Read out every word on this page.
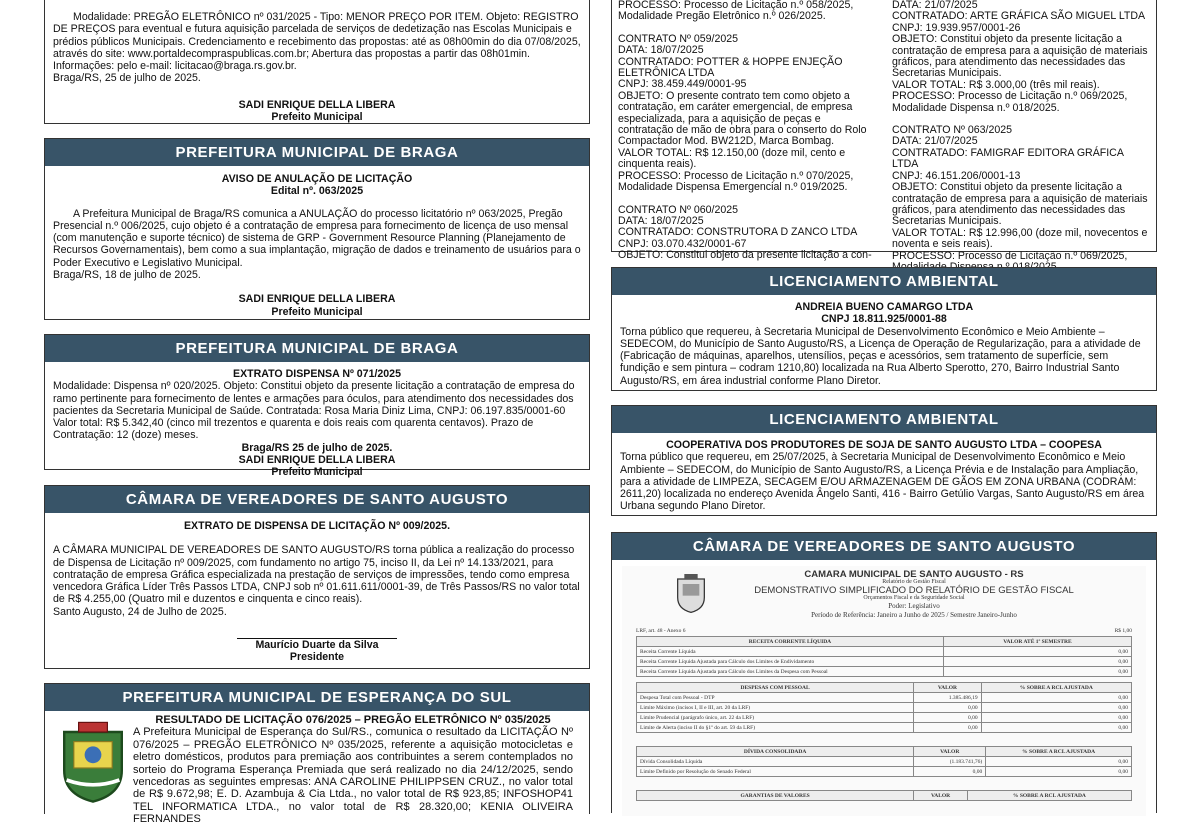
Modalidade: PREGÃO ELETRÔNICO nº 031/2025 - Tipo: MENOR PREÇO POR ITEM. Objeto: REGISTRO DE PREÇOS para eventual e futura aquisição parcelada de serviços de dedetização nas Escolas Municipais e prédios públicos Municipais. Credenciamento e recebimento das propostas: até as 08h00min do dia 07/08/2025, através do site: www.portaldecompraspublicas.com.br; Abertura das propostas a partir das 08h01min. Informações: pelo e-mail: licitacao@braga.rs.gov.br.

Braga/RS, 25 de julho de 2025.

SADI ENRIQUE DELLA LIBERA
Prefeito Municipal
PREFEITURA MUNICIPAL DE BRAGA
AVISO DE ANULAÇÃO DE LICITAÇÃO
Edital nº. 063/2025

A Prefeitura Municipal de Braga/RS comunica a ANULAÇÃO do processo licitatório nº 063/2025, Pregão Presencial n.º 006/2025, cujo objeto é a contratação de empresa para fornecimento de licença de uso mensal (com manutenção e suporte técnico) de sistema de GRP - Government Resource Planning (Planejamento de Recursos Governamentais), bem como a sua implantação, migração de dados e treinamento de usuários para o Poder Executivo e Legislativo Municipal.

Braga/RS, 18 de julho de 2025.

SADI ENRIQUE DELLA LIBERA
Prefeito Municipal
PREFEITURA MUNICIPAL DE BRAGA
EXTRATO DISPENSA Nº 071/2025

Modalidade: Dispensa nº 020/2025. Objeto: Constitui objeto da presente licitação a contratação de empresa do ramo pertinente para fornecimento de lentes e armações para óculos, para atendimento dos necessidades dos pacientes da Secretaria Municipal de Saúde. Contratada: Rosa Maria Diniz Lima, CNPJ: 06.197.835/0001-60 Valor total: R$ 5.342,40 (cinco mil trezentos e quarenta e dois reais com quarenta centavos). Prazo de Contratação: 12 (doze) meses.

Braga/RS 25 de julho de 2025.
SADI ENRIQUE DELLA LIBERA
Prefeito Municipal
CÂMARA DE VEREADORES DE SANTO AUGUSTO
EXTRATO DE DISPENSA DE LICITAÇÃO Nº 009/2025.

A CÂMARA MUNICIPAL DE VEREADORES DE SANTO AUGUSTO/RS torna pública a realização do processo de Dispensa de Licitação nº 009/2025, com fundamento no artigo 75, inciso II, da Lei nº 14.133/2021, para contratação de empresa Gráfica especializada na prestação de serviços de impressões, tendo como empresa vencedora Gráfica Líder Três Passos LTDA, CNPJ sob nº 01.611.611/0001-39, de Três Passos/RS no valor total de R$ 4.255,00 (Quatro mil e duzentos e cinquenta e cinco reais).

Santo Augusto, 24 de Julho de 2025.

Maurício Duarte da Silva
Presidente
PREFEITURA MUNICIPAL DE ESPERANÇA DO SUL
RESULTADO DE LICITAÇÃO 076/2025 – PREGÃO ELETRÔNICO Nº 035/2025

A Prefeitura Municipal de Esperança do Sul/RS., comunica o resultado da LICITAÇÃO Nº 076/2025 – PREGÃO ELETRÔNICO Nº 035/2025, referente a aquisição motocicletas e eletro domésticos, produtos para premiação aos contribuintes a serem contemplados no sorteio do Programa Esperança Premiada que será realizado no dia 24/12/2025, sendo vencedoras as seguintes empresas: ANA CAROLINE PHILIPPSEN CRUZ., no valor total de R$ 9.672,98; E. D. Azambuja & Cia Ltda., no valor total de R$ 923,85; INFOSHOP41 TEL INFORMATICA LTDA., no valor total de R$ 28.320,00; KENIA OLIVEIRA FERNANDES

PROCESSO: Processo de Licitação n.º 058/2025, Modalidade Pregão Eletrônico n.º 026/2025.
CONTRATO Nº 059/2025
DATA: 18/07/2025
CONTRATADO: POTTER & HOPPE ENJEÇÃO ELETRÔNICA LTDA
CNPJ: 38.459.449/0001-95
OBJETO: O presente contrato tem como objeto a contratação, em caráter emergencial, de empresa especializada, para a aquisição de peças e contratação de mão de obra para o conserto do Rolo Compactador Mod. BW212D, Marca Bombag.
VALOR TOTAL: R$ 12.150,00 (doze mil, cento e cinquenta reais).
PROCESSO: Processo de Licitação n.º 070/2025, Modalidade Dispensa Emergencial n.º 019/2025.
CONTRATO Nº 060/2025
DATA: 18/07/2025
CONTRATADO: CONSTRUTORA D ZANCO LTDA
CNPJ: 03.070.432/0001-67
OBJETO: Constitui objeto da presente licitação a con-
DATA: 21/07/2025
CONTRATADO: ARTE GRÁFICA SÃO MIGUEL LTDA
CNPJ: 19.939.957/0001-26
OBJETO: Constitui objeto da presente licitação a contratação de empresa para a aquisição de materiais gráficos, para atendimento das necessidades das Secretarias Municipais.
VALOR TOTAL: R$ 3.000,00 (três mil reais).
PROCESSO: Processo de Licitação n.º 069/2025, Modalidade Dispensa n.º 018/2025.
CONTRATO Nº 063/2025
DATA: 21/07/2025
CONTRATADO: FAMIGRAF EDITORA GRÁFICA LTDA
CNPJ: 46.151.206/0001-13
OBJETO: Constitui objeto da presente licitação a contratação de empresa para a aquisição de materiais gráficos, para atendimento das necessidades das Secretarias Municipais.
VALOR TOTAL: R$ 12.996,00 (doze mil, novecentos e noventa e seis reais).
PROCESSO: Processo de Licitação n.º 069/2025,
LICENCIAMENTO AMBIENTAL
ANDREIA BUENO CAMARGO LTDA
CNPJ 18.811.925/0001-88

Torna público que requereu, à Secretaria Municipal de Desenvolvimento Econômico e Meio Ambiente – SEDECOM, do Município de Santo Augusto/RS, a Licença de Operação de Regularização, para a atividade de (Fabricação de máquinas, aparelhos, utensílios, peças e acessórios, sem tratamento de superfície, sem fundição e sem pintura – codram 1210,80) localizada na Rua Alberto Sperotto, 270, Bairro Industrial Santo Augusto/RS, em área industrial conforme Plano Diretor.

LICENCIAMENTO AMBIENTAL
COOPERATIVA DOS PRODUTORES DE SOJA DE SANTO AUGUSTO LTDA – COOPESA

Torna público que requereu, em 25/07/2025, à Secretaria Municipal de Desenvolvimento Econômico e Meio Ambiente – SEDECOM, do Município de Santo Augusto/RS, a Licença Prévia e de Instalação para Ampliação, para a atividade de LIMPEZA, SECAGEM E/OU ARMAZENAGEM DE GÃOS EM ZONA URBANA (CODRAM: 2611,20) localizada no endereço Avenida Ângelo Santi, 416 - Bairro Getúlio Vargas, Santo Augusto/RS em área Urbana segundo Plano Diretor.

CÂMARA DE VEREADORES DE SANTO AUGUSTO
CAMARA MUNICIPAL DE SANTO AUGUSTO - RS
Relatório de Gestão Fiscal
DEMONSTRATIVO SIMPLIFICADO DO RELATÓRIO DE GESTÃO FISCAL
Orçamentos Fiscal e da Seguridade Social
Poder: Legislativo
Período de Referência: Janeiro a Junho de 2025 / Semestre Janeiro-Junho
LRF, art. 48 - Anexo 6	R$ 1,00
RECEITA CORRENTE LÍQUIDA	VALOR ATÉ 1º SEMESTRE
Receita Corrente Líquida	0,00
Receita Corrente Líquida Ajustada para Cálculo dos Limites de Endividamento	0,00
Receita Corrente Líquida Ajustada para Cálculo dos Limites da Despesa com Pessoal	0,00
DESPESAS COM PESSOAL	VALOR	% SOBRE A RCL AJUSTADA
Despesa Total com Pessoal - DTP	1.385.486,19	0,00
Limite Máximo (incisos I, II e III, art. 20 da LRF)	0,00	0,00
Limite Prudencial (parágrafo único, art. 22 da LRF)	0,00	0,00
Limite de Alerta (inciso II do §1º do art. 59 da LRF)	0,00	0,00
DÍVIDA CONSOLIDADA	VALOR	% SOBRE A RCL AJUSTADA
Dívida Consolidada Líquida	(1.183.741,76)	0,00
Limite Definido por Resolução do Senado Federal	0,00	0,00
GARANTIAS DE VALORES	VALOR	% SOBRE A RCL AJUSTADA
